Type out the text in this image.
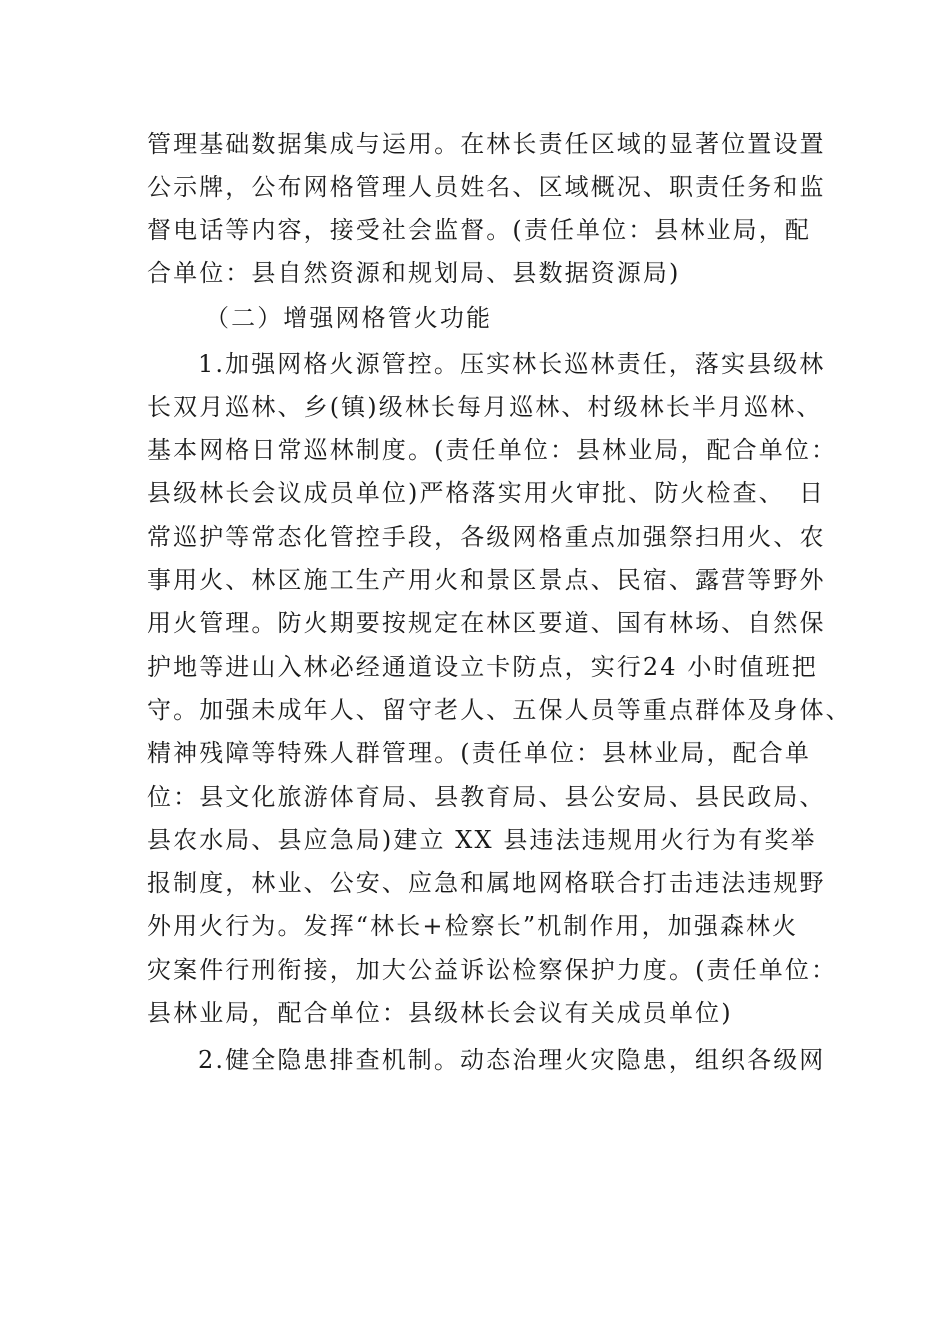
管理基础数据集成与运用。在林长责任区域的显著位置设置
公示牌，公布网格管理人员姓名、区域概况、职责任务和监
督电话等内容，接受社会监督。(责任单位：县林业局，配
合单位：县自然资源和规划局、县数据资源局)
（二）增强网格管火功能
1.加强网格火源管控。压实林长巡林责任，落实县级林
长双月巡林、乡(镇)级林长每月巡林、村级林长半月巡林、
基本网格日常巡林制度。(责任单位：县林业局，配合单位：
县级林长会议成员单位)严格落实用火审批、防火检查、　日
常巡护等常态化管控手段，各级网格重点加强祭扫用火、农
事用火、林区施工生产用火和景区景点、民宿、露营等野外
用火管理。防火期要按规定在林区要道、国有林场、自然保
护地等进山入林必经通道设立卡防点，实行24 小时值班把
守。加强未成年人、留守老人、五保人员等重点群体及身体、
精神残障等特殊人群管理。(责任单位：县林业局，配合单
位：县文化旅游体育局、县教育局、县公安局、县民政局、
县农水局、县应急局)建立 XX 县违法违规用火行为有奖举
报制度，林业、公安、应急和属地网格联合打击违法违规野
外用火行为。发挥“林长+检察长”机制作用，加强森林火
灾案件行刑衔接，加大公益诉讼检察保护力度。(责任单位：
县林业局，配合单位：县级林长会议有关成员单位)
2.健全隐患排查机制。动态治理火灾隐患，组织各级网
